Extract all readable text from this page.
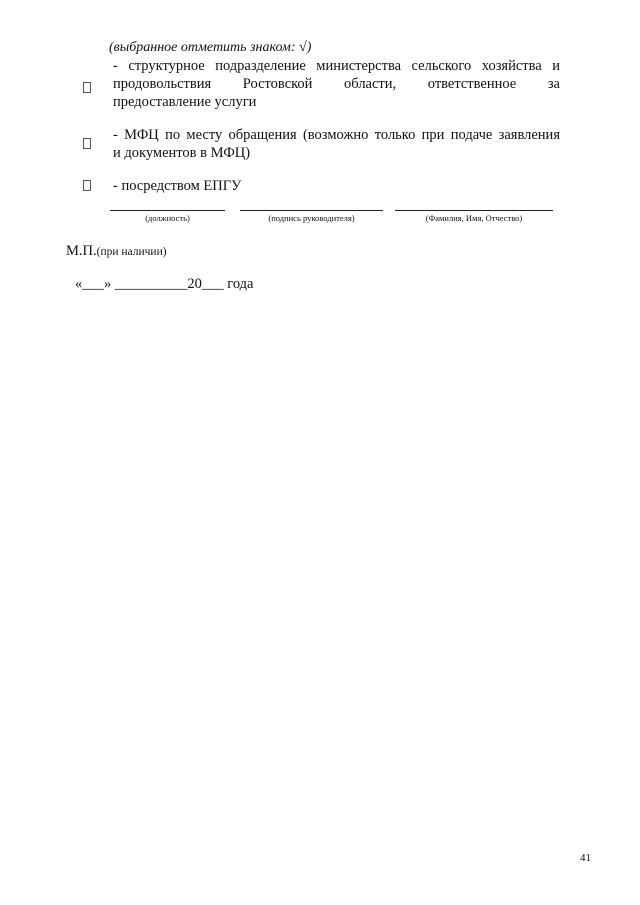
(выбранное отметить знаком: √)
- структурное подразделение министерства сельского хозяйства и
продовольствия Ростовской области, ответственное за
предоставление услуги
- МФЦ по месту обращения (возможно только при подаче заявления
и документов в МФЦ)
- посредством ЕПГУ
(должность)	(подпись руководителя)	(Фамилия, Имя, Отчество)
М.П.(при наличии)
«___» __________20___ года
41
